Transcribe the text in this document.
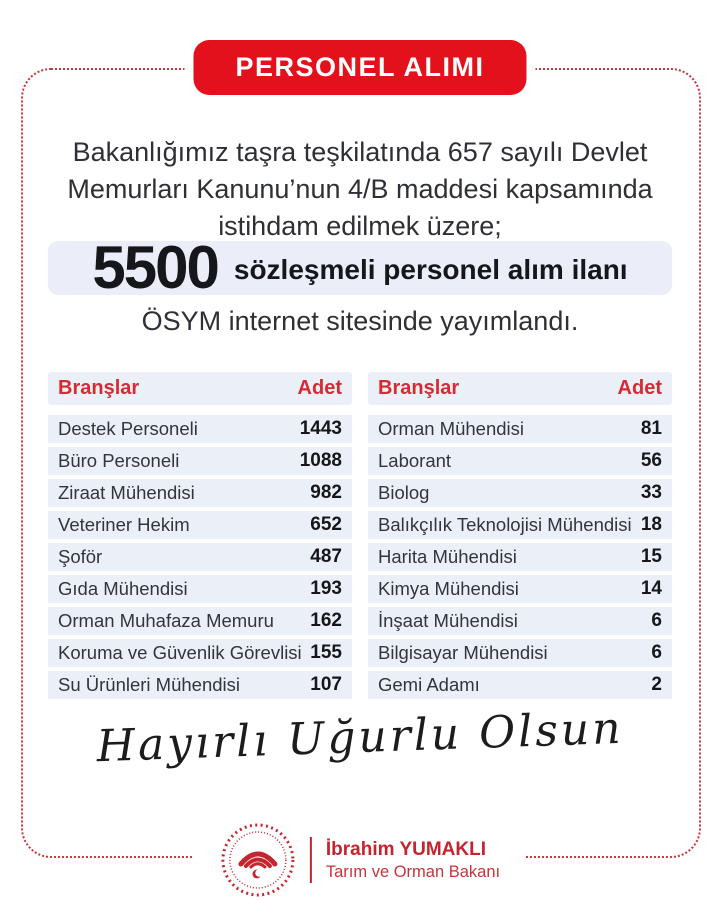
PERSONEL ALIMI

Bakanlığımız taşra teşkilatında 657 sayılı Devlet Memurları Kanunu’nun 4/B maddesi kapsamında istihdam edilmek üzere;

5500 sözleşmeli personel alım ilanı

ÖSYM internet sitesinde yayımlandı.

Branşlar	Adet
Destek Personeli	1443
Büro Personeli	1088
Ziraat Mühendisi	982
Veteriner Hekim	652
Şoför	487
Gıda Mühendisi	193
Orman Muhafaza Memuru 162
Koruma ve Güvenlik Görevlisi 155
Su Ürünleri Mühendisi	107
Branşlar	Adet
Orman Mühendisi	81
Laborant	56
Biolog	33
Balıkçılık Teknolojisi Mühendisi 18
Harita Mühendisi	15
Kimya Mühendisi	14
İnşaat Mühendisi	6
Bilgisayar Mühendisi	6
Gemi Adamı	2
Hayırlı Uğurlu Olsun
İbrahim YUMAKLI
Tarım ve Orman Bakanı
